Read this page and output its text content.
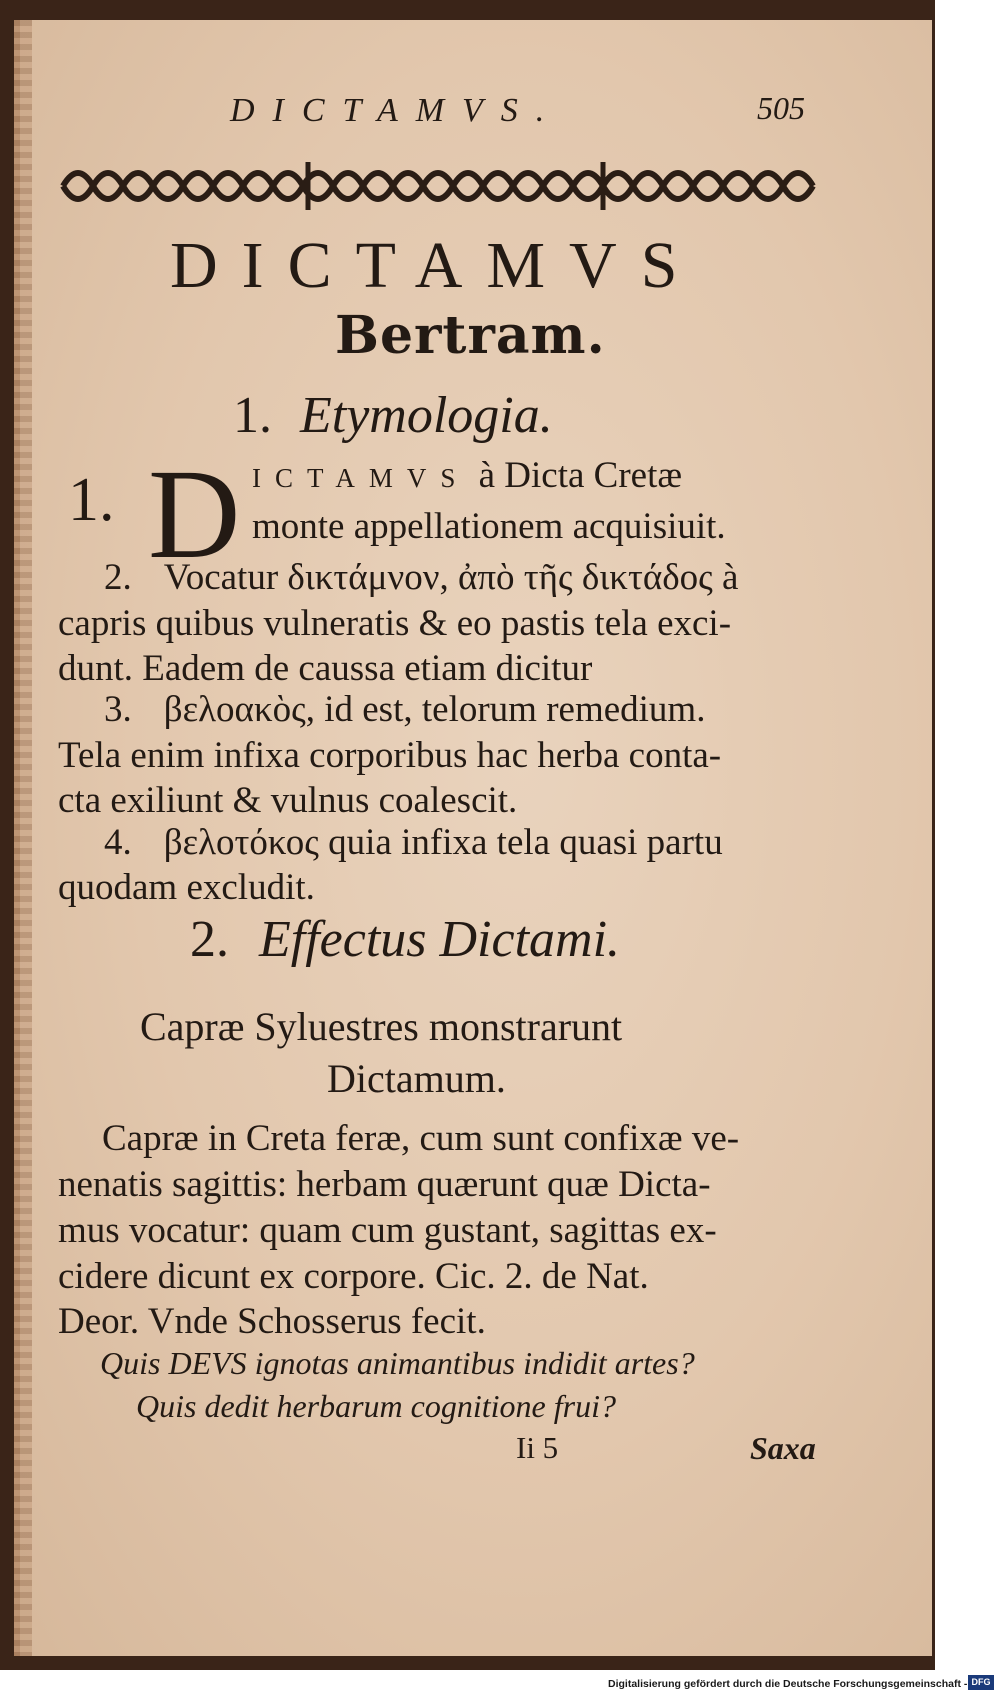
DICTAMVS.	505
DICTAMVS
Bertram.
1. Etymologia.
1. D ICTAMVS à Dicta Cretæ
monte appellationem acquisiuit.
2. Vocatur δικτάμνον, ἀπὸ τῆς δικτάδος à
capris quibus vulneratis & eo pastis tela exci-
dunt. Eadem de caussa etiam dicitur
3. βελοακὸς, id est, telorum remedium.
Tela enim infixa corporibus hac herba conta-
cta exiliunt & vulnus coalescit.
4. βελοτόκος quia infixa tela quasi partu
quodam excludit.
2. Effectus Dictami.
Capræ Syluestres monstrarunt
Dictamum.
Capræ in Creta feræ, cum sunt confixæ ve-
nenatis sagittis: herbam quærunt quæ Dicta-
mus vocatur: quam cum gustant, sagittas ex-
cidere dicunt ex corpore. Cic. 2. de Nat.
Deor. Vnde Schosserus fecit.
Quis DEVS ignotas animantibus indidit artes?
Quis dedit herbarum cognitione frui?
Ii 5	Saxa
Digitalisierung gefördert durch die Deutsche Forschungsgemeinschaft - DFG
